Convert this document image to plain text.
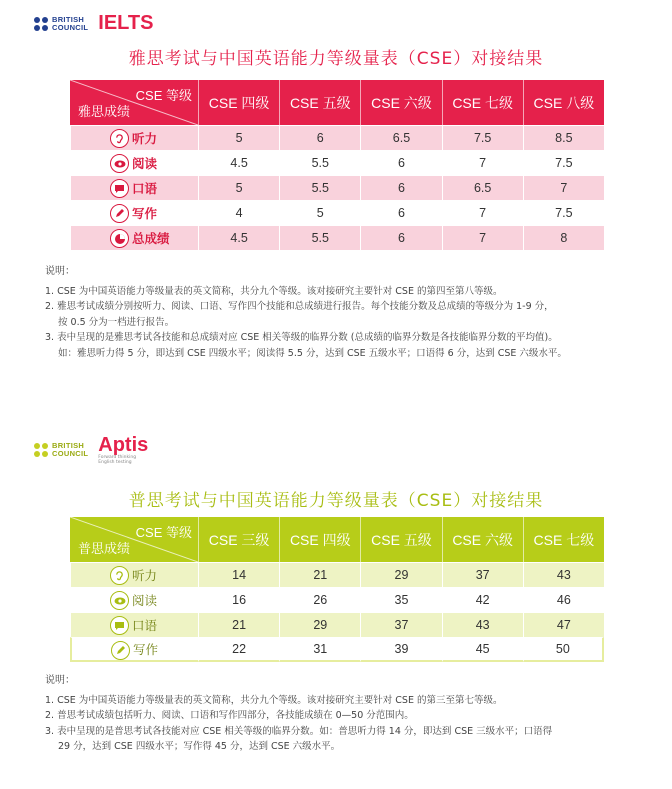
BRITISH
COUNCIL IELTS
雅思考试与中国英语能力等级量表（CSE）对接结果
CSE 等级
雅思成绩	CSE 四级	CSE 五级	CSE 六级	CSE 七级	CSE 八级

听力	5	6	6.5	7.5	8.5

阅读	4.5	5.5	6	7	7.5

口语	5	5.5	6	6.5	7

写作	4	5	6	7	7.5

总成绩	4.5	5.5	6	7	8
说明：
1. CSE 为中国英语能力等级量表的英文简称，共分九个等级。该对接研究主要针对 CSE 的第四至第八等级。
2. 雅思考试成绩分别按听力、阅读、口语、写作四个技能和总成绩进行报告。每个技能分数及总成绩的等级分为 1-9 分，
按 0.5 分为一档进行报告。
3. 表中呈现的是雅思考试各技能和总成绩对应 CSE 相关等级的临界分数 (总成绩的临界分数是各技能临界分数的平均值)。
如：雅思听力得 5 分，即达到 CSE 四级水平；阅读得 5.5 分，达到 CSE 五级水平；口语得 6 分，达到 CSE 六级水平。
BRITISH
COUNCIL Aptis
Forward thinking
English testing
普思考试与中国英语能力等级量表（CSE）对接结果
CSE 等级
普思成绩	CSE 三级	CSE 四级	CSE 五级	CSE 六级	CSE 七级

听力	14	21	29	37	43

阅读	16	26	35	42	46

口语	21	29	37	43	47

写作	22	31	39	45	50
说明：
1. CSE 为中国英语能力等级量表的英文简称，共分九个等级。该对接研究主要针对 CSE 的第三至第七等级。
2. 普思考试成绩包括听力、阅读、口语和写作四部分，各技能成绩在 0—50 分范围内。
3. 表中呈现的是普思考试各技能对应 CSE 相关等级的临界分数。如：普思听力得 14 分，即达到 CSE 三级水平；口语得
29 分，达到 CSE 四级水平；写作得 45 分，达到 CSE 六级水平。
